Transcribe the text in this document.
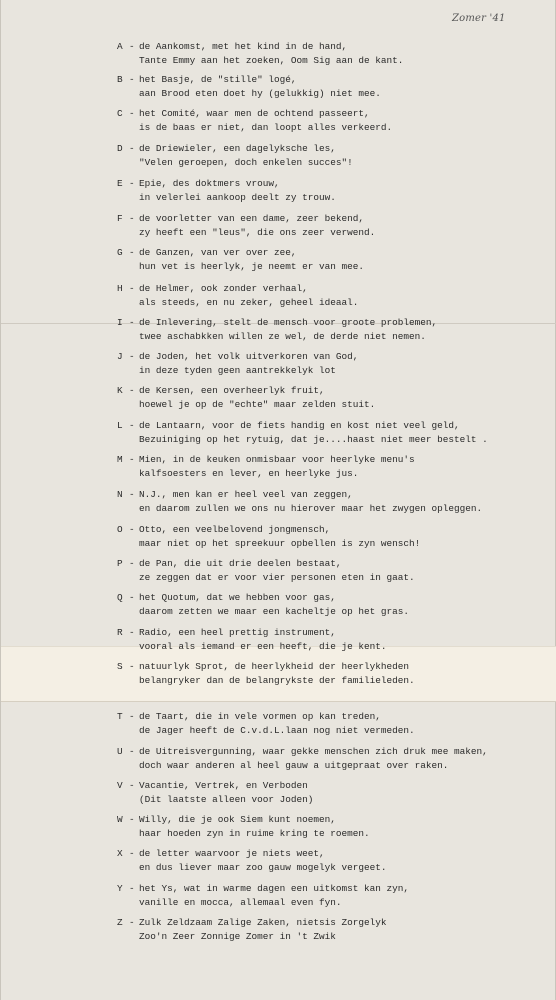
Zomer '41
A - de Aankomst, met het kind in de hand,
Tante Emmy aan het zoeken, Oom Sig aan de kant.
B - het Basje, de "stille" logé,
aan Brood eten doet hy (gelukkig) niet mee.
C - het Comité, waar men de ochtend passeert,
is de baas er niet, dan loopt alles verkeerd.
D - de Driewieler, een dagelyksche les,
"Velen geroepen, doch enkelen succes"!
E - Epie, des doktmers vrouw,
in velerlei aankoop deelt zy trouw.
F - de voorletter van een dame, zeer bekend,
zy heeft een "leus", die ons zeer verwend.
G - de Ganzen, van ver over zee,
hun vet is heerlyk, je neemt er van mee.
H - de Helmer, ook zonder verhaal,
als steeds, en nu zeker, geheel ideaal.
I - de Inlevering, stelt de mensch voor groote problemen,
twee aschabkken willen ze wel, de derde niet nemen.
J - de Joden, het volk uitverkoren van God,
in deze tyden geen aantrekkelyk lot
K - de Kersen, een overheerlyk fruit,
hoewel je op de "echte" maar zelden stuit.
L - de Lantaarn, voor de fiets handig en kost niet veel geld,
Bezuiniging op het rytuig, dat je....haast niet meer bestelt .
M - Mien, in de keuken onmisbaar voor heerlyke menu's
kalfsoesters en lever, en heerlyke jus.
N - N.J., men kan er heel veel van zeggen,
en daarom zullen we ons nu hierover maar het zwygen opleggen.
O - Otto, een veelbelovend jongmensch,
maar niet op het spreekuur opbellen is zyn wensch!
P - de Pan, die uit drie deelen bestaat,
ze zeggen dat er voor vier personen eten in gaat.
Q - het Quotum, dat we hebben voor gas,
daarom zetten we maar een kacheltje op het gras.
R - Radio, een heel prettig instrument,
vooral als iemand er een heeft, die je kent.
S - natuurlyk Sprot, de heerlykheid der heerlykheden
belangryker dan de belangrykste der familieleden.
T - de Taart, die in vele vormen op kan treden,
de Jager heeft de C.v.d.L.laan nog niet vermeden.
U - de Uitreisvergunning, waar gekke menschen zich druk mee maken,
doch waar anderen al heel gauw a uitgepraat over raken.
V - Vacantie, Vertrek, en Verboden
(Dit laatste alleen voor Joden)
W - Willy, die je ook Siem kunt noemen,
haar hoeden zyn in ruime kring te roemen.
X - de letter waarvoor je niets weet,
en dus liever maar zoo gauw mogelyk vergeet.
Y - het Ys, wat in warme dagen een uitkomst kan zyn,
vanille en mocca, allemaal even fyn.
Z - Zulk Zeldzaam Zalige Zaken, nietsis Zorgelyk
Zoo'n Zeer Zonnige Zomer in 't Zwik
